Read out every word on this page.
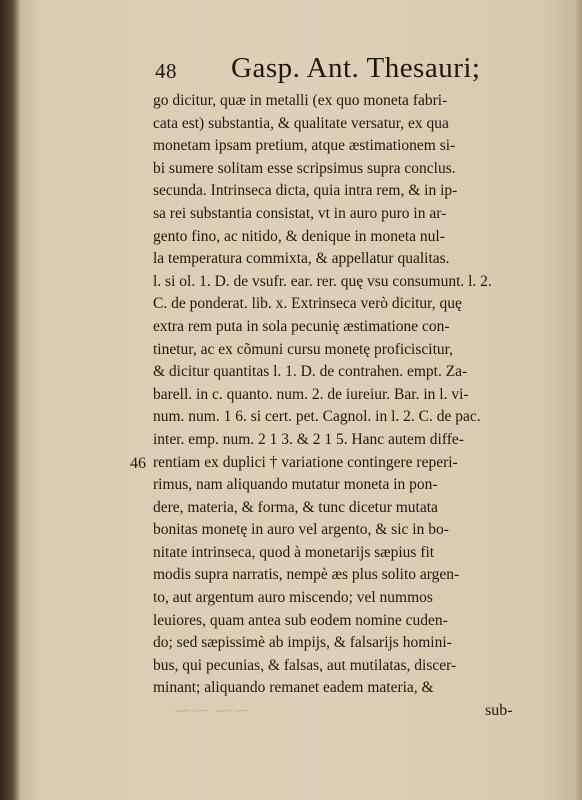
⁓⁓ ⁓⁓
48 Gasp. Ant. Thesauri;
46
go dicitur, quæ in metalli (ex quo moneta fabri-
cata est) substantia, & qualitate versatur, ex qua
monetam ipsam pretium, atque æstimationem si-
bi sumere solitam esse scripsimus supra conclus.
secunda. Intrinseca dicta, quia intra rem, & in ip-
sa rei substantia consistat, vt in auro puro in ar-
gento fino, ac nitido, & denique in moneta nul-
la temperatura commixta, & appellatur qualitas.
l. si ol. 1. D. de vsufr. ear. rer. quę vsu consumunt. l. 2.
C. de ponderat. lib. x. Extrinseca verò dicitur, quę
extra rem puta in sola pecunię æstimatione con-
tinetur, ac ex cõmuni cursu monetę proficiscitur,
& dicitur quantitas l. 1. D. de contrahen. empt. Za-
barell. in c. quanto. num. 2. de iureiur. Bar. in l. vi-
num. num. 1 6. si cert. pet. Cagnol. in l. 2. C. de pac.
inter. emp. num. 2 1 3. & 2 1 5. Hanc autem diffe-
rentiam ex duplici † variatione contingere reperi-
rimus, nam aliquando mutatur moneta in pon-
dere, materia, & forma, & tunc dicetur mutata
bonitas monetę in auro vel argento, & sic in bo-
nitate intrinseca, quod à monetarijs sæpius fit
modis supra narratis, nempè æs plus solito argen-
to, aut argentum auro miscendo; vel nummos
leuiores, quam antea sub eodem nomine cuden-
do; sed sæpissimè ab impijs, & falsarijs homini-
bus, qui pecunias, & falsas, aut mutilatas, discer-
minant; aliquando remanet eadem materia, &
sub-
